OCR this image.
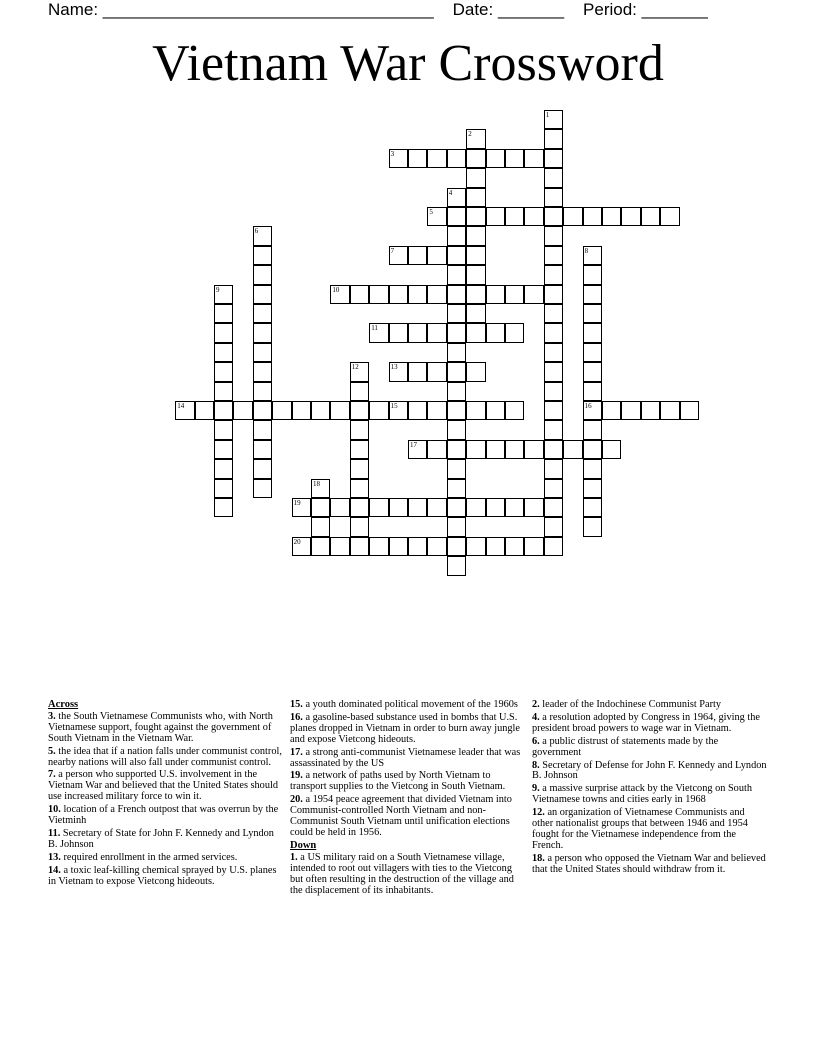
Name: ___________________________________    Date: _______    Period: _______
Vietnam War Crossword
1
2
3
4
5
6
7	8
9	10
11
12	13
14	15	16
17
18
19
20
Across
3. the South Vietnamese Communists who, with North Vietnamese support, fought against the government of South Vietnam in the Vietnam War.
5. the idea that if a nation falls under communist control, nearby nations will also fall under communist control.
7. a person who supported U.S. involvement in the Vietnam War and believed that the United States should use increased military force to win it.
10. location of a French outpost that was overrun by the Vietminh
11. Secretary of State for John F. Kennedy and Lyndon B. Johnson
13. required enrollment in the armed services.
14. a toxic leaf-killing chemical sprayed by U.S. planes in Vietnam to expose Vietcong hideouts.
15. a youth dominated political movement of the 1960s
16. a gasoline-based substance used in bombs that U.S. planes dropped in Vietnam in order to burn away jungle and expose Vietcong hideouts.
17. a strong anti-communist Vietnamese leader that was assassinated by the US
19. a network of paths used by North Vietnam to transport supplies to the Vietcong in South Vietnam.
20. a 1954 peace agreement that divided Vietnam into Communist-controlled North Vietnam and non-Communist South Vietnam until unification elections could be held in 1956.
Down
1. a US military raid on a South Vietnamese village, intended to root out villagers with ties to the Vietcong but often resulting in the destruction of the village and the displacement of its inhabitants.
2. leader of the Indochinese Communist Party
4. a resolution adopted by Congress in 1964, giving the president broad powers to wage war in Vietnam.
6. a public distrust of statements made by the government
8. Secretary of Defense for John F. Kennedy and Lyndon B. Johnson
9. a massive surprise attack by the Vietcong on South Vietnamese towns and cities early in 1968
12. an organization of Vietnamese Communists and other nationalist groups that between 1946 and 1954 fought for the Vietnamese independence from the French.
18. a person who opposed the Vietnam War and believed that the United States should withdraw from it.
